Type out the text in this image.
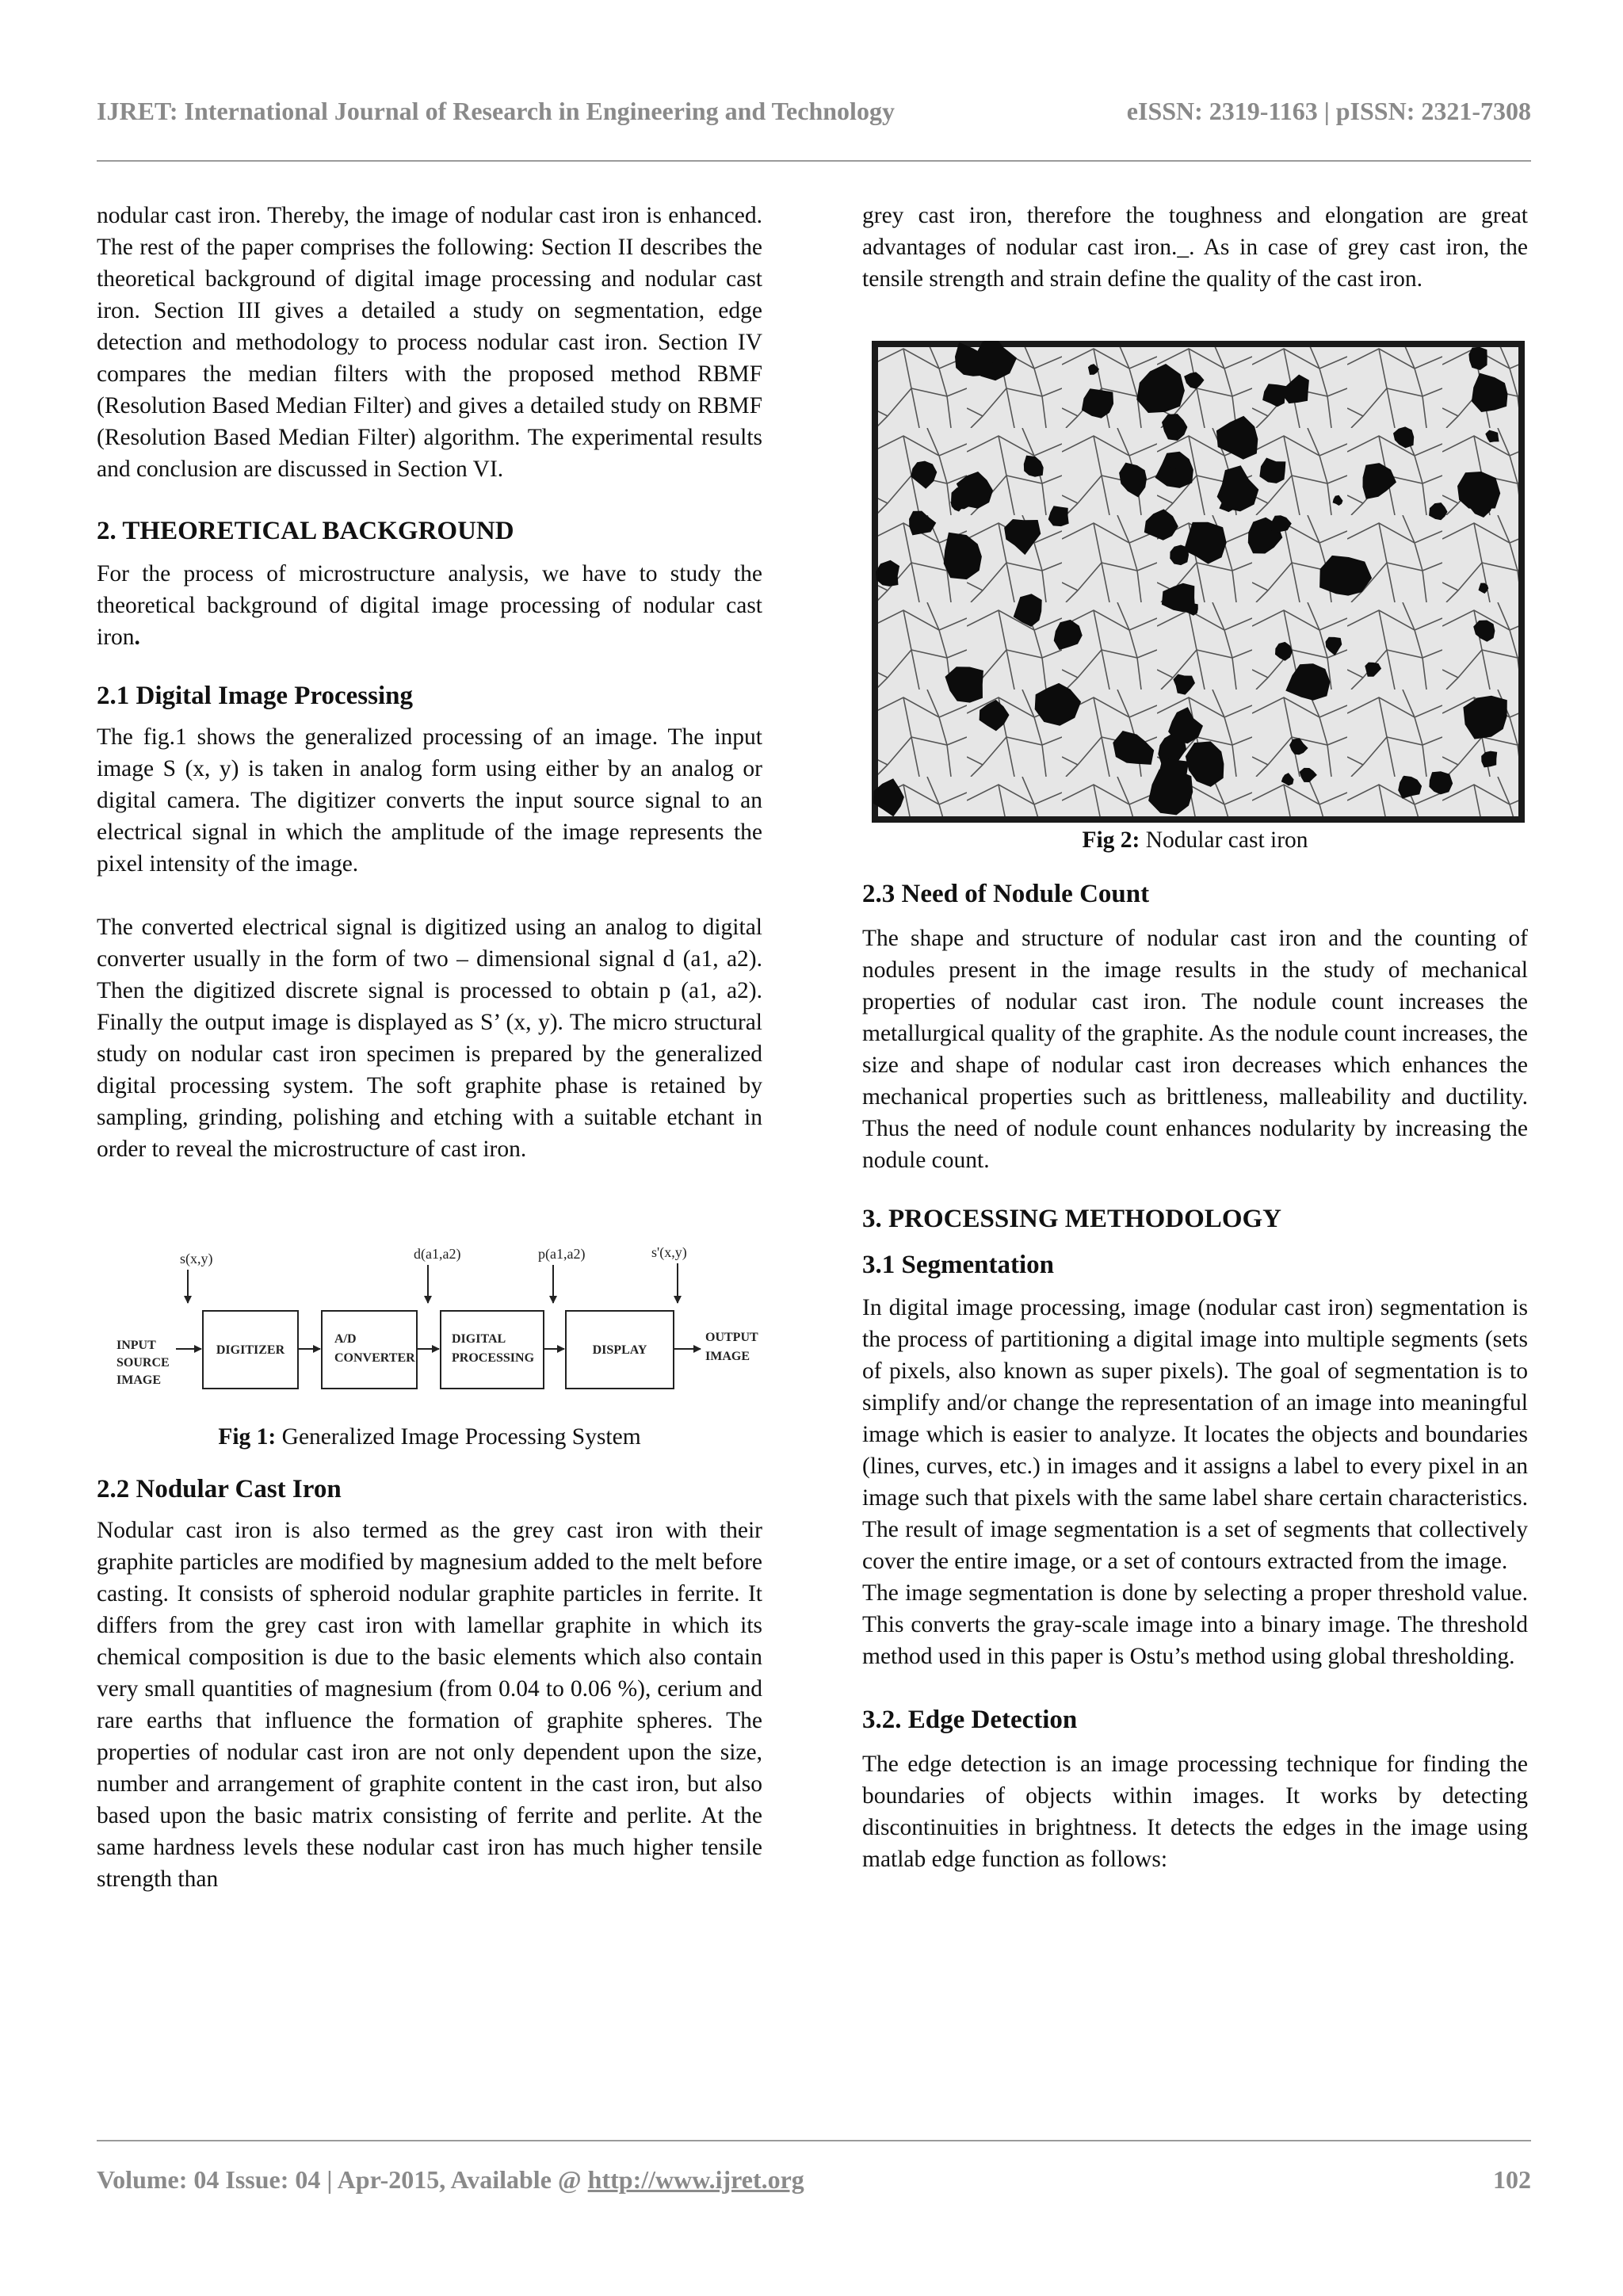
IJRET: International Journal of Research in Engineering and Technology	eISSN: 2319-1163 | pISSN: 2321-7308

nodular cast iron. Thereby, the image of nodular cast iron is enhanced. The rest of the paper comprises the following: Section II describes the theoretical background of digital image processing and nodular cast iron. Section III gives a detailed a study on segmentation, edge detection and methodology to process nodular cast iron. Section IV compares the median filters with the proposed method RBMF (Resolution Based Median Filter) and gives a detailed study on RBMF (Resolution Based Median Filter) algorithm. The experimental results and conclusion are discussed in Section VI.

2. THEORETICAL BACKGROUND

For the process of microstructure analysis, we have to study the theoretical background of digital image processing of nodular cast iron.

2.1 Digital Image Processing

The fig.1 shows the generalized processing of an image. The input image S (x, y) is taken in analog form using either by an analog or digital camera. The digitizer converts the input source signal to an electrical signal in which the amplitude of the image represents the pixel intensity of the image.

The converted electrical signal is digitized using an analog to digital converter usually in the form of two – dimensional signal d (a1, a2). Then the digitized discrete signal is processed to obtain p (a1, a2). Finally the output image is displayed as S’ (x, y). The micro structural study on nodular cast iron specimen is prepared by the generalized digital processing system. The soft graphite phase is retained by sampling, grinding, polishing and etching with a suitable etchant in order to reveal the microstructure of cast iron.

s(x,y)	d(a1,a2)	p(a1,a2)	s'(x,y)
INPUT
SOURCE
IMAGE
DIGITIZER
A/D
CONVERTER
DIGITAL
PROCESSING
DISPLAY
OUTPUT
IMAGE
Fig 1: Generalized Image Processing System
2.2 Nodular Cast Iron

Nodular cast iron is also termed as the grey cast iron with their graphite particles are modified by magnesium added to the melt before casting. It consists of spheroid nodular graphite particles in ferrite. It differs from the grey cast iron with lamellar graphite in which its chemical composition is due to the basic elements which also contain very small quantities of magnesium (from 0.04 to 0.06 %), cerium and rare earths that influence the formation of graphite spheres. The properties of nodular cast iron are not only dependent upon the size, number and arrangement of graphite content in the cast iron, but also based upon the basic matrix consisting of ferrite and perlite. At the same hardness levels these nodular cast iron has much higher tensile strength than

grey cast iron, therefore the toughness and elongation are great advantages of nodular cast iron._. As in case of grey cast iron, the tensile strength and strain define the quality of the cast iron.

Fig 2: Nodular cast iron
2.3 Need of Nodule Count

The shape and structure of nodular cast iron and the counting of nodules present in the image results in the study of mechanical properties of nodular cast iron. The nodule count increases the metallurgical quality of the graphite. As the nodule count increases, the size and shape of nodular cast iron decreases which enhances the mechanical properties such as brittleness, malleability and ductility. Thus the need of nodule count enhances nodularity by increasing the nodule count.

3. PROCESSING METHODOLOGY
3.1 Segmentation

In digital image processing, image (nodular cast iron) segmentation is the process of partitioning a digital image into multiple segments (sets of pixels, also known as super pixels). The goal of segmentation is to simplify and/or change the representation of an image into meaningful image which is easier to analyze. It locates the objects and boundaries (lines, curves, etc.) in images and it assigns a label to every pixel in an image such that pixels with the same label share certain characteristics. The result of image segmentation is a set of segments that collectively cover the entire image, or a set of contours extracted from the image.

The image segmentation is done by selecting a proper threshold value. This converts the gray-scale image into a binary image. The threshold method used in this paper is Ostu’s method using global thresholding.

3.2. Edge Detection

The edge detection is an image processing technique for finding the boundaries of objects within images. It works by detecting discontinuities in brightness. It detects the edges in the image using matlab edge function as follows:

Volume: 04 Issue: 04 | Apr-2015, Available @ http://www.ijret.org	102
